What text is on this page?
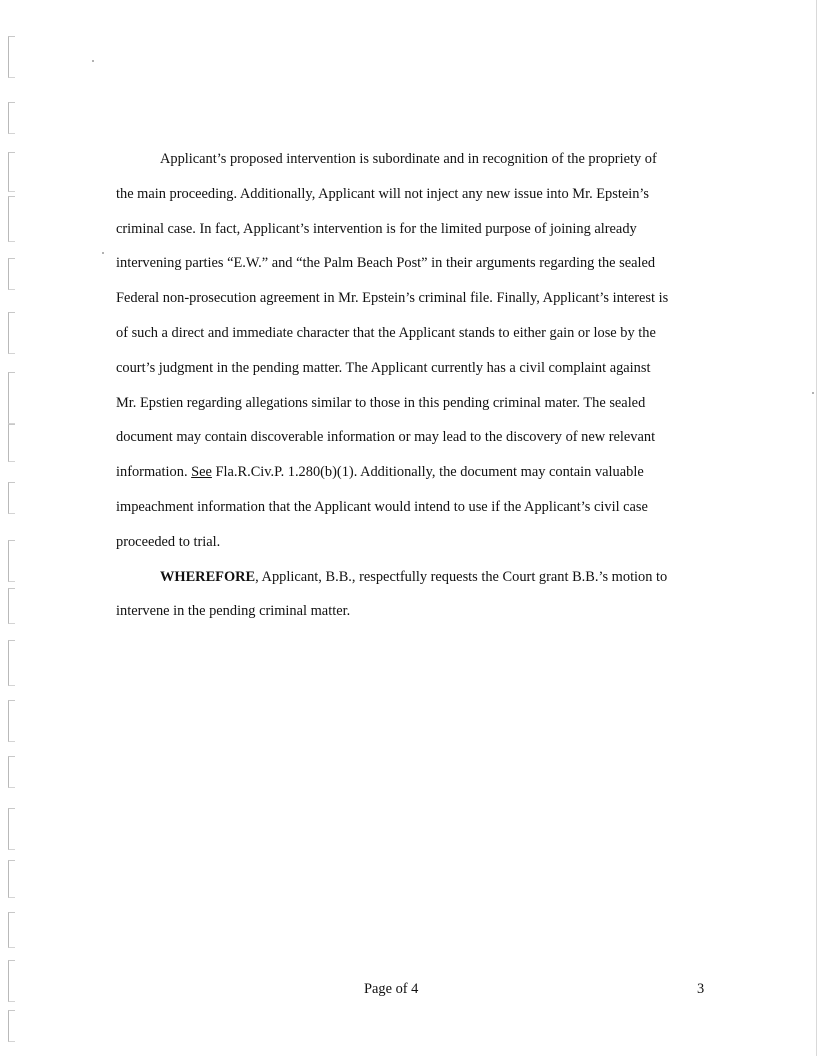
Applicant’s proposed intervention is subordinate and in recognition of the propriety of

the main proceeding. Additionally, Applicant will not inject any new issue into Mr. Epstein’s

criminal case. In fact, Applicant’s intervention is for the limited purpose of joining already

intervening parties “E.W.” and “the Palm Beach Post” in their arguments regarding the sealed

Federal non-prosecution agreement in Mr. Epstein’s criminal file. Finally, Applicant’s interest is

of such a direct and immediate character that the Applicant stands to either gain or lose by the

court’s judgment in the pending matter. The Applicant currently has a civil complaint against

Mr. Epstien regarding allegations similar to those in this pending criminal mater. The sealed

document may contain discoverable information or may lead to the discovery of new relevant

information. See Fla.R.Civ.P. 1.280(b)(1). Additionally, the document may contain valuable

impeachment information that the Applicant would intend to use if the Applicant’s civil case

proceeded to trial.

WHEREFORE, Applicant, B.B., respectfully requests the Court grant B.B.’s motion to

intervene in the pending criminal matter.

Page of 4	3
